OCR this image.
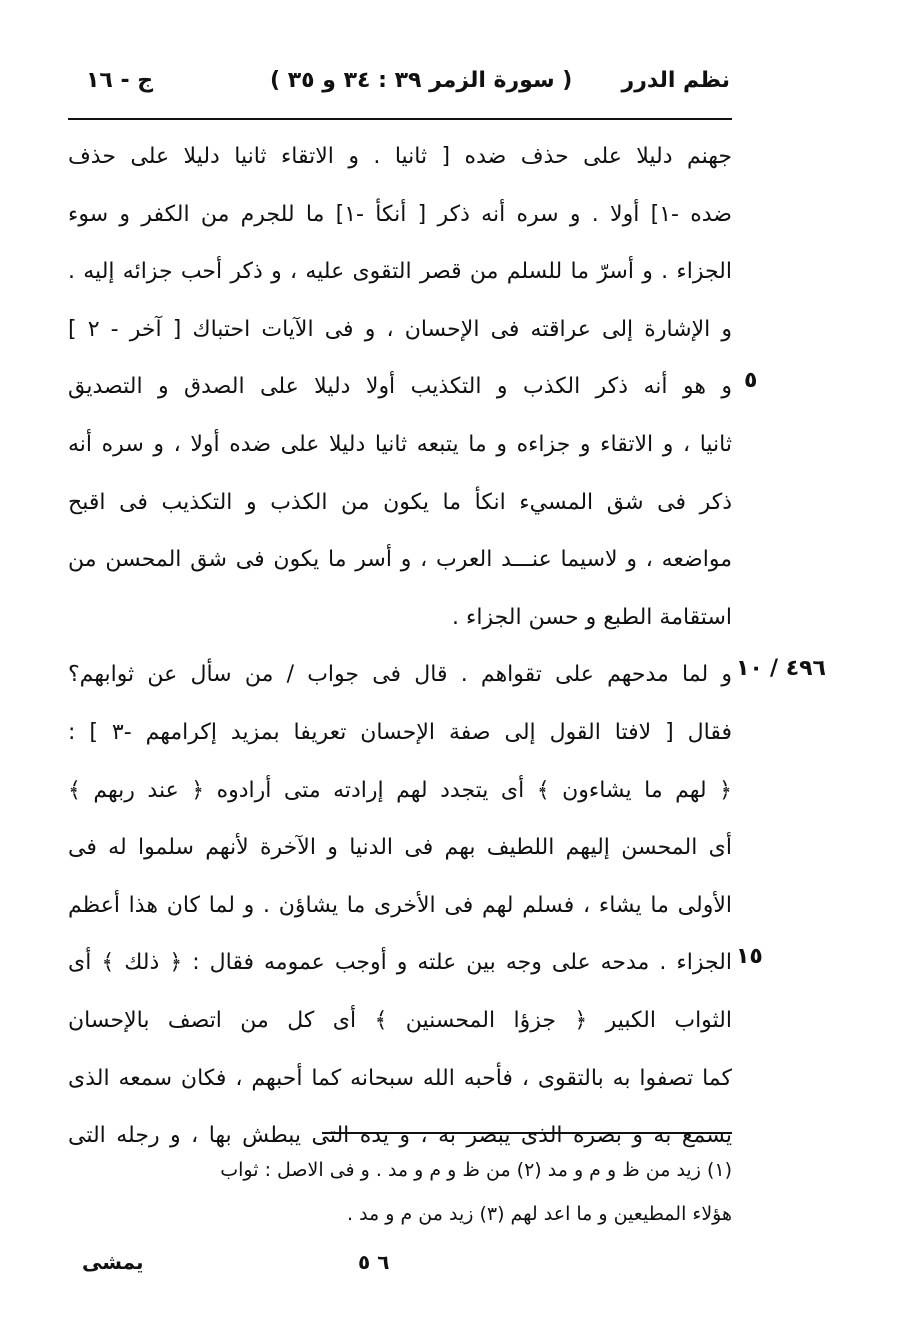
نظم الدرر
( سورة الزمر ٣٩ : ٣٤ و ٣٥ )
ج - ١٦
جهنم دليلا على حذف ضده [ ثانيا . و الاتقاء ثانيا دليلا على حذف
ضده -١] أولا . و سره أنه ذكر [ أنكأ -١] ما للجرم من الكفر و سوء
الجزاء . و أسرّ ما للسلم من قصر التقوى عليه ، و ذكر أحب جزائه إليه .
و الإشارة إلى عراقته فى الإحسان ، و فى الآيات احتباك [ آخر - ٢ ]
و هو أنه ذكر الكذب و التكذيب أولا دليلا على الصدق و التصديق
ثانيا ، و الاتقاء و جزاءه و ما يتبعه ثانيا دليلا على ضده أولا ، و سره أنه
ذكر فى شق المسيء انكأ ما يكون من الكذب و التكذيب فى اقبح
مواضعه ، و لاسيما عنـــد العرب ، و أسر ما يكون فى شق المحسن من
استقامة الطبع و حسن الجزاء .
و لما مدحهم على تقواهم . قال فى جواب / من سأل عن ثوابهم؟
فقال [ لافتا القول إلى صفة الإحسان تعريفا بمزيد إكرامهم -٣ ] :
﴿ لهم ما يشاءون ﴾ أى يتجدد لهم إرادته متى أرادوه ﴿ عند ربهم ﴾
أى المحسن إليهم اللطيف بهم فى الدنيا و الآخرة لأنهم سلموا له فى
الأولى ما يشاء ، فسلم لهم فى الأخرى ما يشاؤن . و لما كان هذا أعظم
الجزاء . مدحه على وجه بين علته و أوجب عمومه فقال : ﴿ ذلك ﴾ أى
الثواب الكبير ﴿ جزؤا المحسنين ﴾ أى كل من اتصف بالإحسان
كما تصفوا به بالتقوى ، فأحبه الله سبحانه كما أحبهم ، فكان سمعه الذى
يسمع به و بصره الذى يبصر به ، و يده التى يبطش بها ، و رجله التى
٥
١٠ / ٤٩٦
١٥
(١) زيد من ظ و م و مد (٢) من ظ و م و مد . و فى الاصل : ثواب
هؤلاء المطيعين و ما اعد لهم (٣) زيد من م و مد .
يمشى	٦ ٥
